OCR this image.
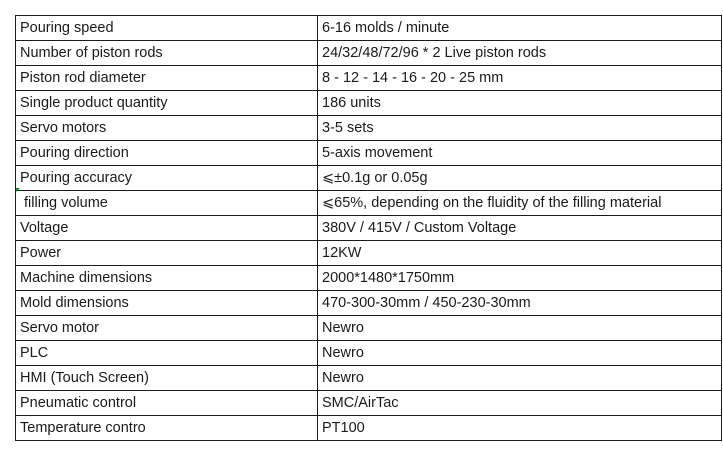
Pouring speed	6-16 molds / minute
Number of piston rods	24/32/48/72/96 * 2 Live piston rods
Piston rod diameter	8 - 12 - 14 - 16 - 20 - 25 mm
Single product quantity	186 units
Servo motors	3-5 sets
Pouring direction	5-axis movement
Pouring accuracy	⩽±0.1g or 0.05g
filling volume	⩽65%, depending on the fluidity of the filling material
Voltage	380V / 415V / Custom Voltage
Power	12KW
Machine dimensions	2000*1480*1750mm
Mold dimensions	470-300-30mm / 450-230-30mm
Servo motor	Newro
PLC	Newro
HMI (Touch Screen)	Newro
Pneumatic control	SMC/AirTac
Temperature contro	PT100
